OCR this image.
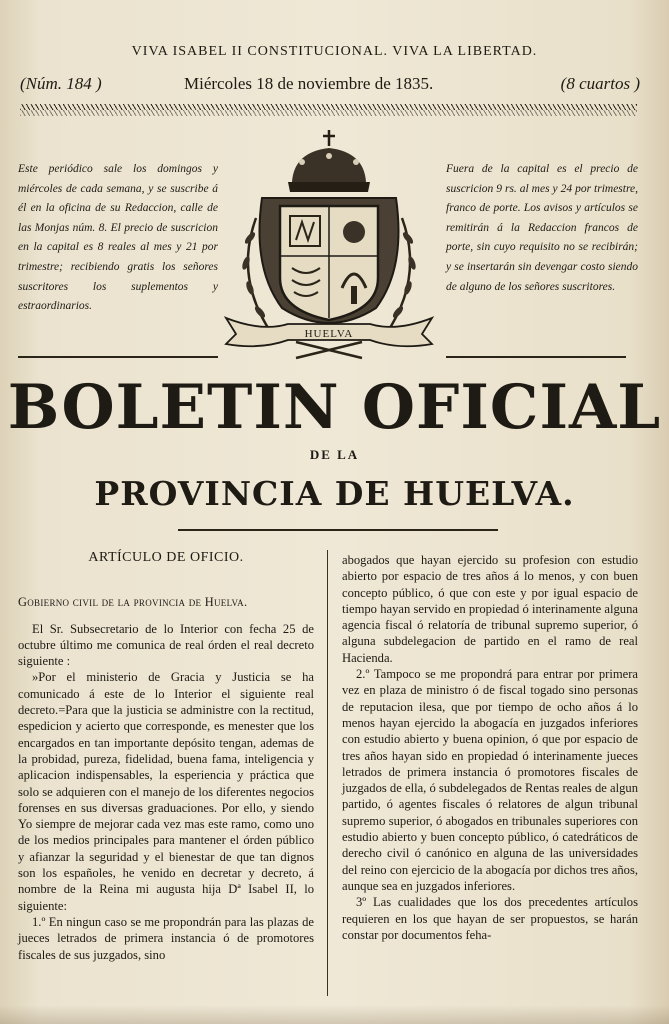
VIVA ISABEL II CONSTITUCIONAL. VIVA LA LIBERTAD.
(Núm. 184 )	Miércoles 18 de noviembre de 1835.	(8 cuartos )
Este periódico sale los domingos y miércoles de cada semana, y se suscribe á él en la oficina de su Redaccion, calle de las Monjas núm. 8. El precio de suscricion en la capital es 8 reales al mes y 21 por trimestre; recibiendo gratis los señores suscritores los suplementos y estraordinarios.
Fuera de la capital es el precio de suscricion 9 rs. al mes y 24 por trimestre, franco de porte. Los avisos y artículos se remitirán á la Redaccion francos de porte, sin cuyo requisito no se recibirán; y se insertarán sin devengar costo siendo de alguno de los señores suscritores.
HUELVA
BOLETIN OFICIAL
DE LA
PROVINCIA DE HUELVA.
ARTÍCULO DE OFICIO.
Gobierno civil de la provincia de Huelva.

El Sr. Subsecretario de lo Interior con fecha 25 de octubre último me comunica de real órden el real decreto siguiente :

»Por el ministerio de Gracia y Justicia se ha comunicado á este de lo Interior el siguiente real decreto.=Para que la justicia se administre con la rectitud, espedicion y acierto que corresponde, es menester que los encargados en tan importante depósito tengan, ademas de la probidad, pureza, fidelidad, buena fama, inteligencia y aplicacion indispensables, la esperiencia y práctica que solo se adquieren con el manejo de los diferentes negocios forenses en sus diversas graduaciones. Por ello, y siendo Yo siempre de mejorar cada vez mas este ramo, como uno de los medios principales para mantener el órden público y afianzar la seguridad y el bienestar de que tan dignos son los españoles, he venido en decretar y decreto, á nombre de la Reina mi augusta hija Dª Isabel II, lo siguiente:

1.º En ningun caso se me propondrán para las plazas de jueces letrados de primera instancia ó de promotores fiscales de sus juzgados, sino

abogados que hayan ejercido su profesion con estudio abierto por espacio de tres años á lo menos, y con buen concepto público, ó que con este y por igual espacio de tiempo hayan servido en propiedad ó interinamente alguna agencia fiscal ó relatoría de tribunal supremo superior, ó alguna subdelegacion de partido en el ramo de real Hacienda.

2.º Tampoco se me propondrá para entrar por primera vez en plaza de ministro ó de fiscal togado sino personas de reputacion ilesa, que por tiempo de ocho años á lo menos hayan ejercido la abogacía en juzgados inferiores con estudio abierto y buena opinion, ó que por espacio de tres años hayan sido en propiedad ó interinamente jueces letrados de primera instancia ó promotores fiscales de juzgados de ella, ó subdelegados de Rentas reales de algun partido, ó agentes fiscales ó relatores de algun tribunal supremo superior, ó abogados en tribunales superiores con estudio abierto y buen concepto público, ó catedráticos de derecho civil ó canónico en alguna de las universidades del reino con ejercicio de la abogacía por dichos tres años, aunque sea en juzgados inferiores.

3º Las cualidades que los dos precedentes artículos requieren en los que hayan de ser propuestos, se harán constar por documentos feha-
